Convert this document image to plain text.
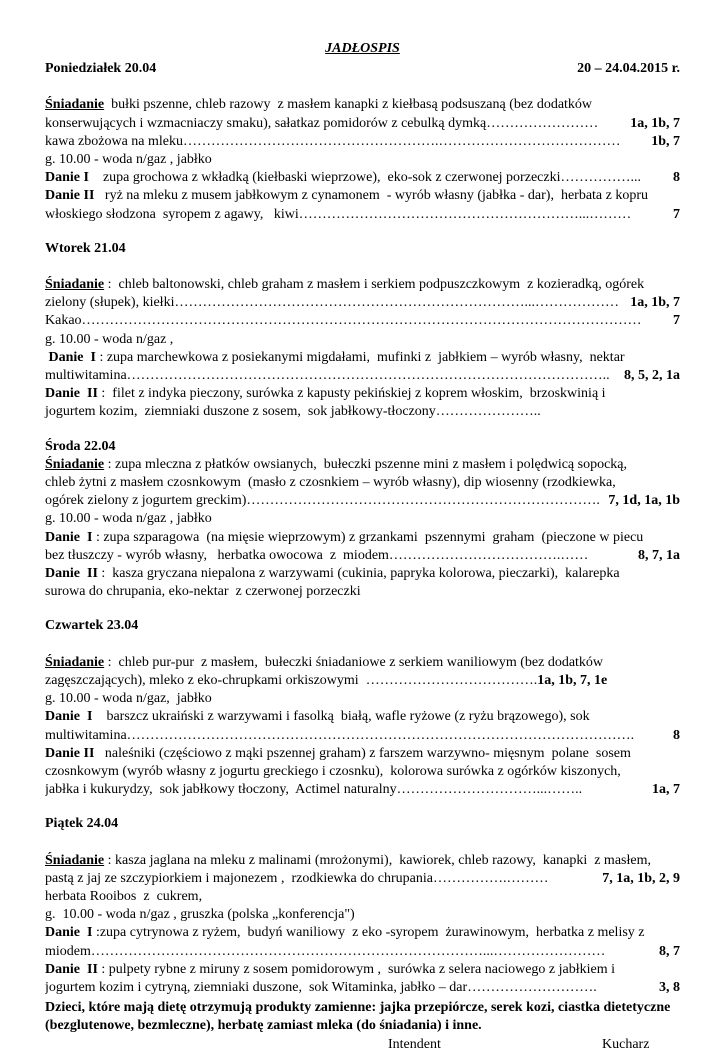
JADŁOSPIS
Poniedziałek 20.04	20 – 24.04.2015 r.
Śniadanie  bułki pszenne, chleb razowy  z masłem kanapki z kiełbasą podsuszaną (bez dodatków
konserwujących i wzmacniaczy smaku), sałatkaz pomidorów z cebulką dymką……………………	1a, 1b, 7
kawa zbożowa na mleku……………………………………………….…………………………………	1b, 7
g. 10.00 - woda n/gaz , jabłko
Danie I    zupa grochowa z wkładką (kiełbaski wieprzowe),  eko-sok z czerwonej porzeczki……………...	8
Danie II   ryż na mleku z musem jabłkowym z cynamonem  - wyrób własny (jabłka - dar),  herbata z kopru
włoskiego słodzona  syropem z agawy,   kiwi……………………………………………………...………	7
Wtorek 21.04
Śniadanie :  chleb baltonowski, chleb graham z masłem i serkiem podpuszczkowym  z kozieradką, ogórek
zielony (słupek), kiełki…………………………………………………………………...……………… 1a, 1b, 7
Kakao…………………………………………………………………………………………………………	7
g. 10.00 - woda n/gaz ,
Danie  I : zupa marchewkowa z posiekanymi migdałami,  mufinki z  jabłkiem – wyrób własny,  nektar
multiwitamina…………………………………………………………………………………………..	8, 5, 2, 1a
Danie  II :  filet z indyka pieczony, surówka z kapusty pekińskiej z koprem włoskim,  brzoskwinią i
jogurtem kozim,  ziemniaki duszone z sosem,  sok jabłkowy-tłoczony…………………..
Środa 22.04
Śniadanie : zupa mleczna z płatków owsianych,  bułeczki pszenne mini z masłem i polędwicą sopocką,
chleb żytni z masłem czosnkowym  (masło z czosnkiem – wyrób własny), dip wiosenny (rzodkiewka,
ogórek zielony z jogurtem greckim)…………………………………………………………………. 7, 1d, 1a, 1b
g. 10.00 - woda n/gaz , jabłko
Danie  I : zupa szparagowa  (na mięsie wieprzowym) z grzankami  pszennymi  graham  (pieczone w piecu
bez tłuszczy - wyrób własny,   herbatka owocowa  z  miodem……………………………….……	8, 7, 1a
Danie  II :  kasza gryczana niepalona z warzywami (cukinia, papryka kolorowa, pieczarki),  kalarepka
surowa do chrupania, eko-nektar  z czerwonej porzeczki
Czwartek 23.04
Śniadanie :  chleb pur-pur  z masłem,  bułeczki śniadaniowe z serkiem waniliowym (bez dodatków
zagęszczających), mleko z eko-chrupkami orkiszowymi  ……………………………….1a, 1b, 7, 1e
g. 10.00 - woda n/gaz,  jabłko
Danie  I    barszcz ukraiński z warzywami i fasolką  białą, wafle ryżowe (z ryżu brązowego), sok
multiwitamina……………………………………………………………………………………………….	8
Danie II   naleśniki (częściowo z mąki pszennej graham) z farszem warzywno- mięsnym  polane  sosem
czosnkowym (wyrób własny z jogurtu greckiego i czosnku),  kolorowa surówka z ogórków kiszonych,
jabłka i kukurydzy,  sok jabłkowy tłoczony,  Actimel naturalny…………………………...……..	1a, 7
Piątek 24.04
Śniadanie : kasza jaglana na mleku z malinami (mrożonymi),  kawiorek, chleb razowy,  kanapki  z masłem,
pastą z jaj ze szczypiorkiem i majonezem ,  rzodkiewka do chrupania…………….………	7, 1a, 1b, 2, 9
herbata Rooibos  z  cukrem,
g.  10.00 - woda n/gaz , gruszka (polska „konferencja")
Danie  I :zupa cytrynowa z ryżem,  budyń waniliowy  z eko -syropem  żurawinowym,  herbatka z melisy z
miodem…………………………………………………………………………...……………………	8, 7
Danie  II : pulpety rybne z miruny z sosem pomidorowym ,  surówka z selera naciowego z jabłkiem i
jogurtem kozim i cytryną, ziemniaki duszone,  sok Witaminka, jabłko – dar……………………….	3, 8
Dzieci, które mają dietę otrzymują produkty zamienne: jajka przepiórcze, serek kozi, ciastka dietetyczne
(bezglutenowe, bezmleczne), herbatę zamiast mleka (do śniadania) i inne.
Intendent	Kucharz
